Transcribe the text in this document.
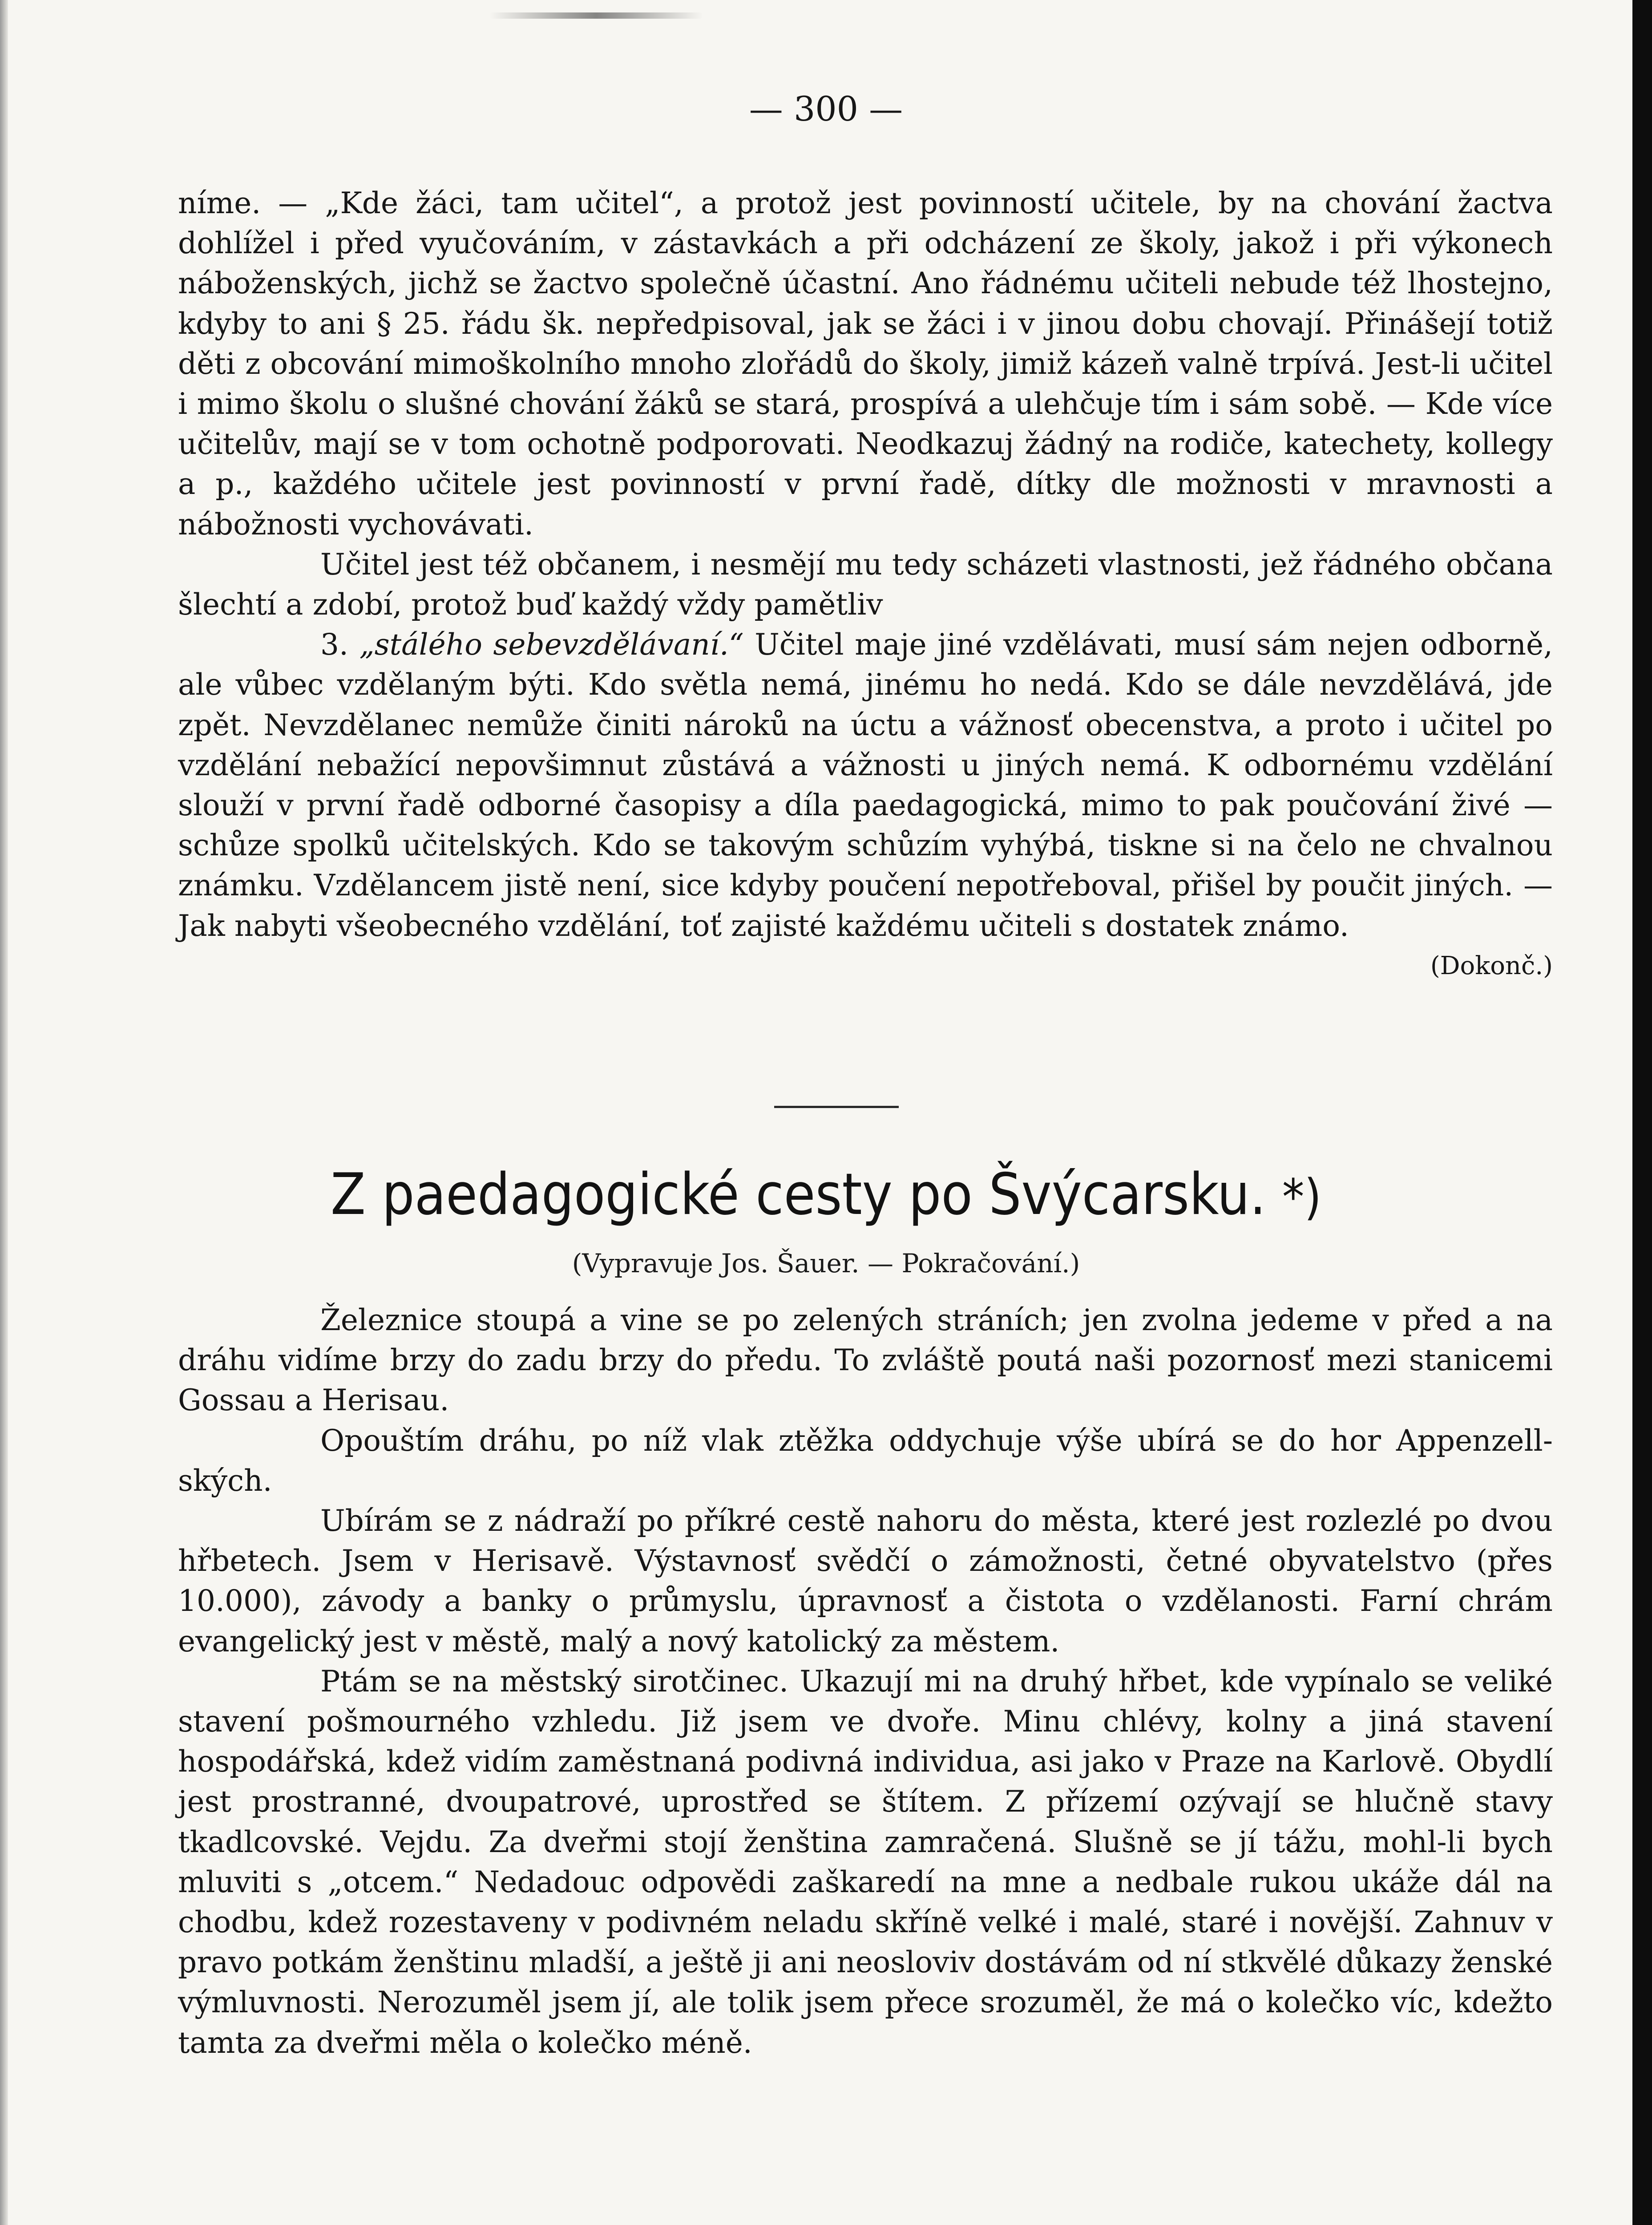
— 300 —

níme. — „Kde žáci, tam učitel“, a protož jest povinností učitele, by na chování žactva dohlížel i před vyučováním, v zástavkách a při odcházení ze školy, jakož i při výkonech náboženských, jichž se žactvo společně účastní. Ano řádnému učiteli nebude též lhostejno, kdyby to ani § 25. řádu šk. nepředpisoval, jak se žáci i v jinou dobu chovají. Přinášejí totiž děti z obcování mimoškolního mnoho zlořádů do školy, jimiž kázeň valně trpívá. Jest-li učitel i mimo školu o slušné chování žáků se stará, prospívá a ulehčuje tím i sám sobě. — Kde více učitelův, mají se v tom ochotně podporovati. Neodkazuj žádný na rodiče, katechety, kollegy a p., každého učitele jest povinností v první řadě, dítky dle možnosti v mravnosti a nábožnosti vychovávati.

Učitel jest též občanem, i nesmějí mu tedy scházeti vlastnosti, jež řádného občana šlechtí a zdobí, protož buď každý vždy pamětliv

3. „stálého sebevzdělávaní.“ Učitel maje jiné vzdělávati, musí sám nejen odborně, ale vůbec vzdělaným býti. Kdo světla nemá, jinému ho nedá. Kdo se dále nevzdělává, jde zpět. Nevzdělanec nemůže činiti nároků na úctu a vážnosť obecenstva, a proto i učitel po vzdělání nebažící nepovšimnut zůstává a vážnosti u jiných nemá. K odbornému vzdělání slouží v první řadě odborné časopisy a díla paedagogická, mimo to pak poučování živé — schůze spolků učitelských. Kdo se takovým schůzím vyhýbá, tiskne si na čelo ne chvalnou známku. Vzdělancem jistě není, sice kdyby poučení nepotřeboval, přišel by poučit jiných. — Jak nabyti všeobecného vzdělání, toť zajisté každému učiteli s dostatek známo.
(Dokonč.)

Z paedagogické cesty po Švýcarsku. *)
(Vypravuje Jos. Šauer. — Pokračování.)

Železnice stoupá a vine se po zelených stráních; jen zvolna jedeme v před a na dráhu vidíme brzy do zadu brzy do předu. To zvláště poutá naši pozornosť mezi stanicemi Gossau a Herisau.

Opouštím dráhu, po níž vlak ztěžka oddychuje výše ubírá se do hor Appenzell-ských.

Ubírám se z nádraží po příkré cestě nahoru do města, které jest rozlezlé po dvou hřbetech. Jsem v Herisavě. Výstavnosť svědčí o zámožnosti, četné obyvatelstvo (přes 10.000), závody a banky o průmyslu, úpravnosť a čistota o vzdělanosti. Farní chrám evangelický jest v městě, malý a nový katolický za městem.

Ptám se na městský sirotčinec. Ukazují mi na druhý hřbet, kde vypínalo se veliké stavení pošmourného vzhledu. Již jsem ve dvoře. Minu chlévy, kolny a jiná stavení hospodářská, kdež vidím zaměstnaná podivná individua, asi jako v Praze na Karlově. Obydlí jest prostranné, dvoupatrové, uprostřed se štítem. Z přízemí ozývají se hlučně stavy tkadlcovské. Vejdu. Za dveřmi stojí ženština zamračená. Slušně se jí tážu, mohl-li bych mluviti s „otcem.“ Nedadouc odpovědi zaškaredí na mne a nedbale rukou ukáže dál na chodbu, kdež rozestaveny v podivném neladu skříně velké i malé, staré i novější. Zahnuv v pravo potkám ženštinu mladší, a ještě ji ani neosloviv dostávám od ní stkvělé důkazy ženské výmluvnosti. Nerozuměl jsem jí, ale tolik jsem přece srozuměl, že má o kolečko víc, kdežto tamta za dveřmi měla o kolečko méně.
